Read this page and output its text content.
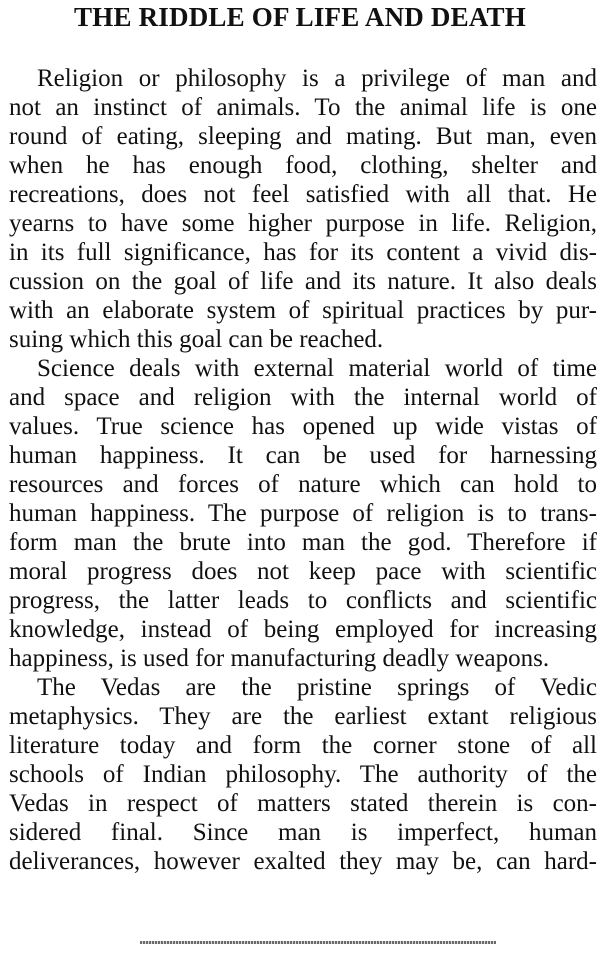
THE RIDDLE OF LIFE AND DEATH
Religion or philosophy is a privilege of man and
not an instinct of animals. To the animal life is one
round of eating, sleeping and mating. But man, even
when he has enough food, clothing, shelter and
recreations, does not feel satisfied with all that. He
yearns to have some higher purpose in life. Religion,
in its full significance, has for its content a vivid dis-
cussion on the goal of life and its nature. It also deals
with an elaborate system of spiritual practices by pur-
suing which this goal can be reached.
Science deals with external material world of time
and space and religion with the internal world of
values. True science has opened up wide vistas of
human happiness. It can be used for harnessing
resources and forces of nature which can hold to
human happiness. The purpose of religion is to trans-
form man the brute into man the god. Therefore if
moral progress does not keep pace with scientific
progress, the latter leads to conflicts and scientific
knowledge, instead of being employed for increasing
happiness, is used for manufacturing deadly weapons.
The Vedas are the pristine springs of Vedic
metaphysics. They are the earliest extant religious
literature today and form the corner stone of all
schools of Indian philosophy. The authority of the
Vedas in respect of matters stated therein is con-
sidered final. Since man is imperfect, human
deliverances, however exalted they may be, can hard-
